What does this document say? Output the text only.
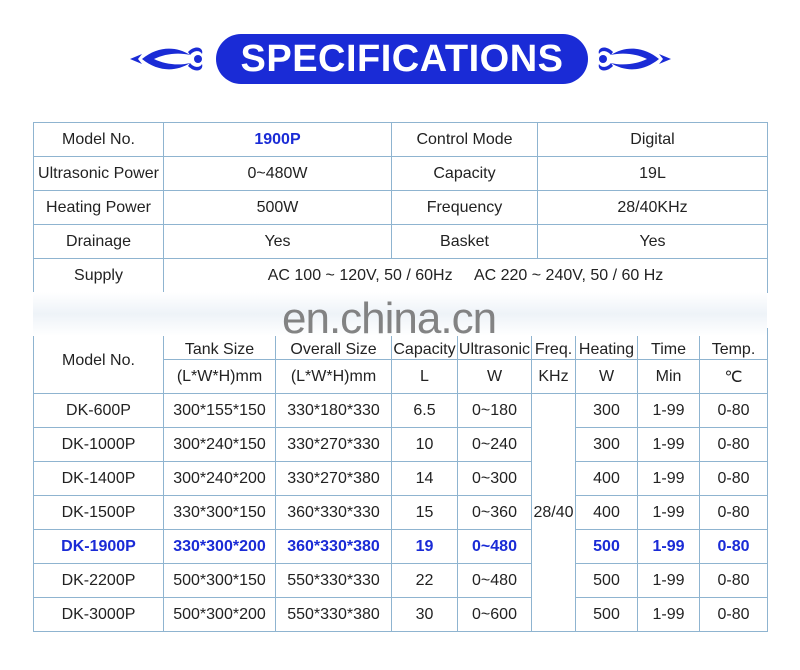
SPECIFICATIONS
Model No.	1900P	Control Mode	Digital
Ultrasonic Power	0~480W	Capacity	19L
Heating Power	500W	Frequency	28/40KHz
Drainage	Yes	Basket	Yes
Supply	AC 100 ~ 120V, 50 / 60Hz     AC 220 ~ 240V, 50 / 60 Hz		
Model No.	Tank Size	Overall Size	Capacity	Ultrasonic	Freq.	Heating	Time	Temp.

	(L*W*H)mm	(L*W*H)mm	L	W	KHz	W	Min	℃
DK-600P	300*155*150	330*180*330	6.5	0~180	28/40	300	1-99	0-80
DK-1000P	300*240*150	330*270*330	10	0~240		300	1-99	0-80
DK-1400P	300*240*200	330*270*380	14	0~300		400	1-99	0-80
DK-1500P	330*300*150	360*330*330	15	0~360		400	1-99	0-80
DK-1900P	330*300*200	360*330*380	19	0~480		500	1-99	0-80
DK-2200P	500*300*150	550*330*330	22	0~480		500	1-99	0-80
DK-3000P	500*300*200	550*330*380	30	0~600		500	1-99	0-80
en.china.cn
